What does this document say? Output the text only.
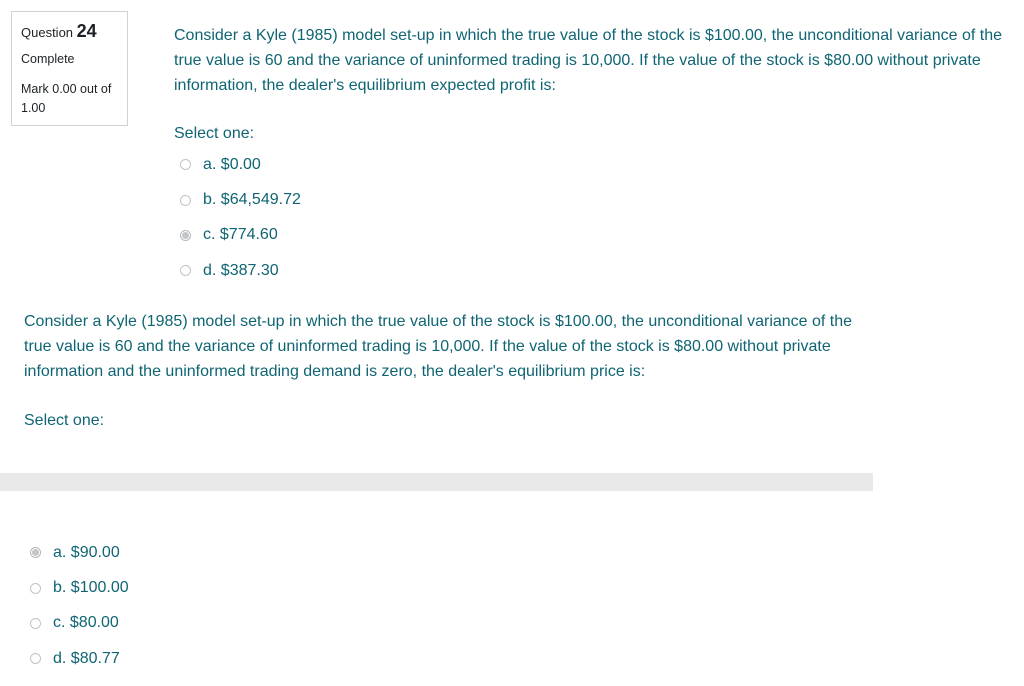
Question 24
Complete
Mark 0.00 out of 1.00
Consider a Kyle (1985) model set-up in which the true value of the stock is $100.00, the unconditional variance of the true value is 60 and the variance of uninformed trading is 10,000. If the value of the stock is $80.00 without private information, the dealer's equilibrium expected profit is:
Select one:
a. $0.00
b. $64,549.72
c. $774.60
d. $387.30
Consider a Kyle (1985) model set-up in which the true value of the stock is $100.00, the unconditional variance of the true value is 60 and the variance of uninformed trading is 10,000. If the value of the stock is $80.00 without private information and the uninformed trading demand is zero, the dealer's equilibrium price is:
Select one:
a. $90.00
b. $100.00
c. $80.00
d. $80.77
